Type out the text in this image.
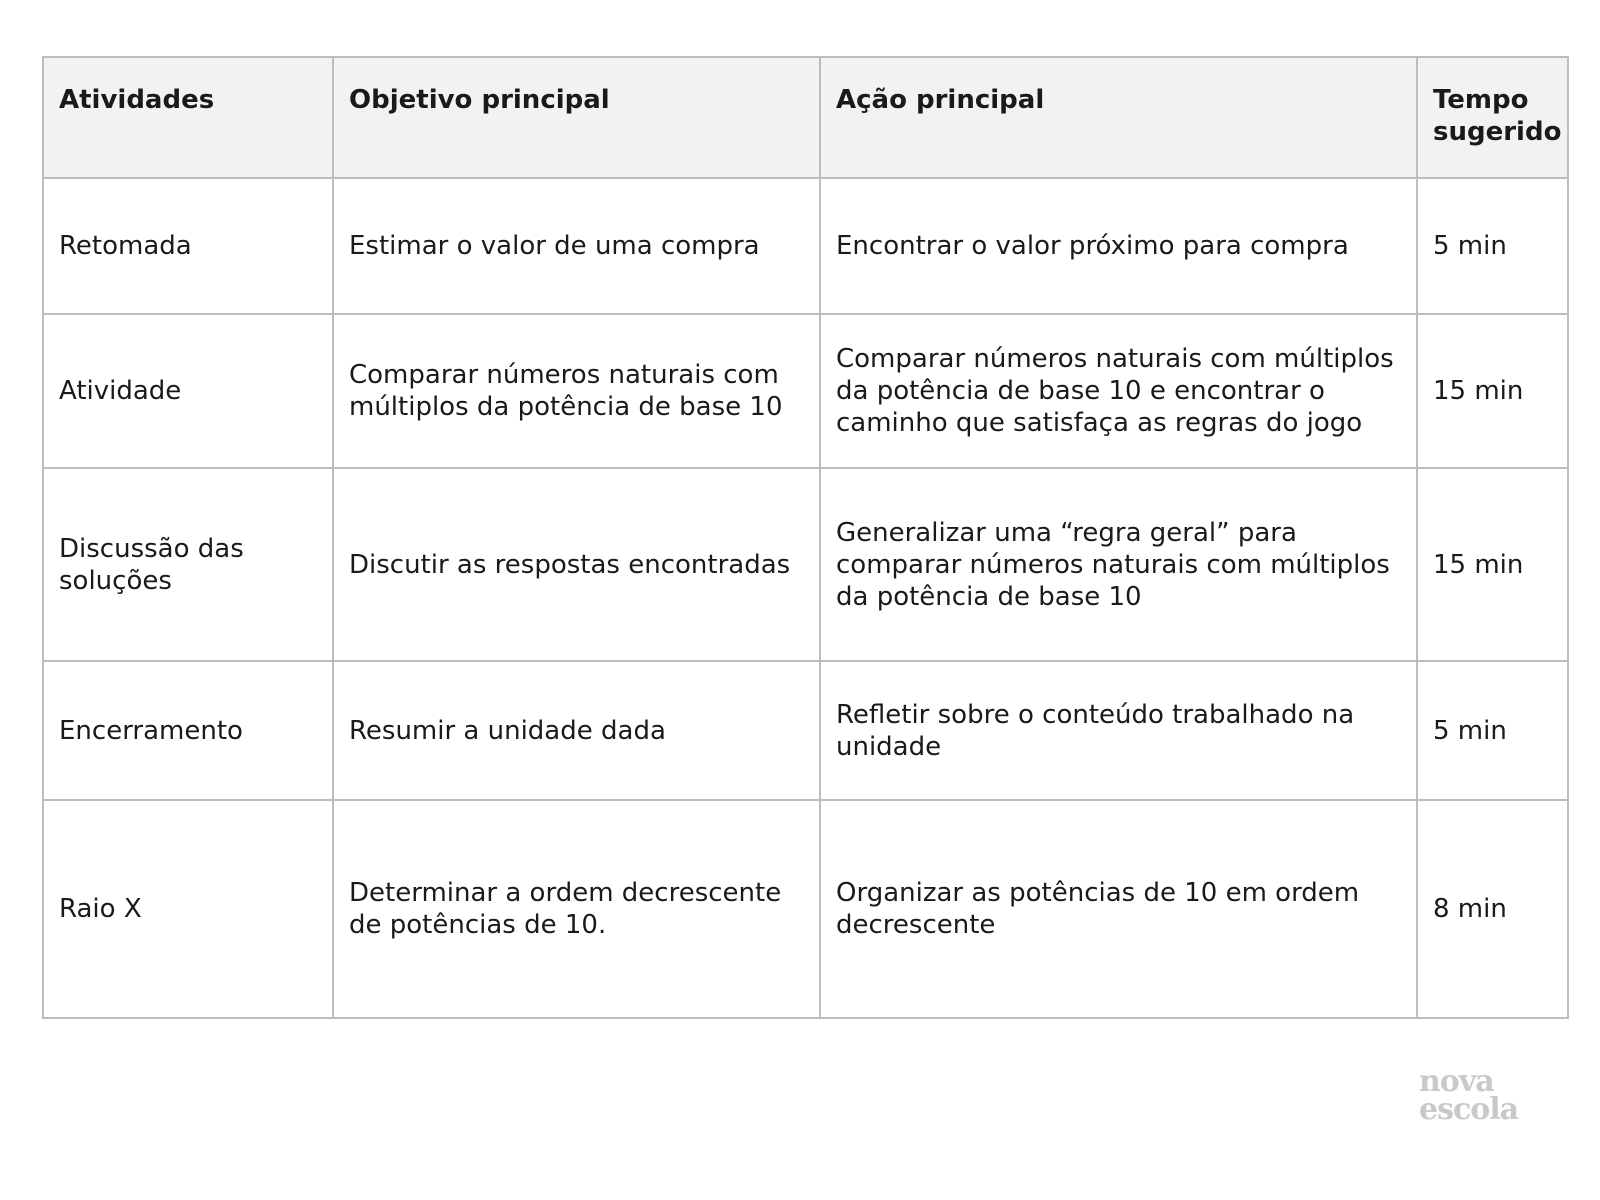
Atividades	Objetivo principal	Ação principal	Tempo sugerido
Retomada	Estimar o valor de uma compra	Encontrar o valor próximo para compra	5 min
Atividade	Comparar números naturais com múltiplos da potência de base 10	Comparar números naturais com múltiplos da potência de base 10 e encontrar o caminho que satisfaça as regras do jogo	15 min
Discussão das soluções	Discutir as respostas encontradas	Generalizar uma “regra geral” para comparar números naturais com múltiplos da potência de base 10	15 min
Encerramento	Resumir a unidade dada	Refletir sobre o conteúdo trabalhado na unidade	5 min
Raio X	Determinar a ordem decrescente de potências de 10.	Organizar as potências de 10 em ordem decrescente	8 min
nova
escola
